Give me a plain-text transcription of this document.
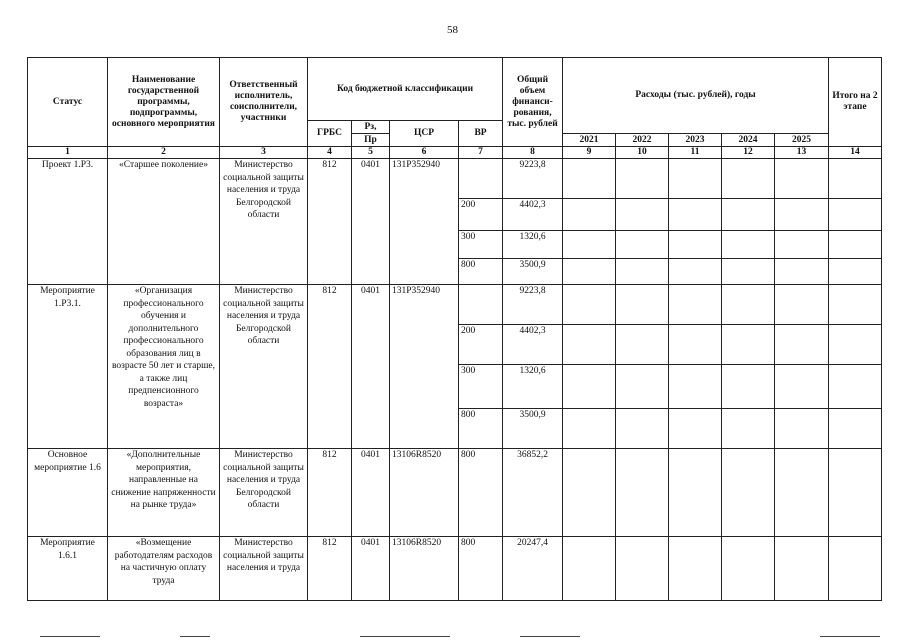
58
Статус	Наименование государственной программы, подпрограммы, основного мероприятия	Ответственный исполнитель, соисполнители, участники	Код бюджетной классификации				Общий объем финанси-рования, тыс. рублей	Расходы (тыс. рублей), годы					Итого на 2 этапе
			ГРБС	Рз,	ЦСР	ВР							
				Пр				2021	2022	2023	2024	2025	
1	2	3	4	5	6	7	8	9	10	11	12	13	14
Проект 1.Р3.	«Старшее поколение»	Министерство социальной защиты населения и труда Белгородской области	812	0401	131Р352940		9223,8						
						200	4402,3						
						300	1320,6						
						800	3500,9						
Мероприятие 1.Р3.1.	«Организация профессионального обучения и дополнительного профессионального образования лиц в возрасте 50 лет и старше, а также лиц предпенсионного возраста»	Министерство социальной защиты населения и труда Белгородской области	812	0401	131Р352940		9223,8						
						200	4402,3						
						300	1320,6						
						800	3500,9						
Основное мероприятие 1.6	«Дополнительные мероприятия, направленные на снижение напряженности на рынке труда»	Министерство социальной защиты населения и труда Белгородской области	812	0401	13106R8520	800	36852,2						
Мероприятие 1.6.1	«Возмещение работодателям расходов на частичную оплату труда	Министерство социальной защиты населения и труда	812	0401	13106R8520	800	20247,4						
